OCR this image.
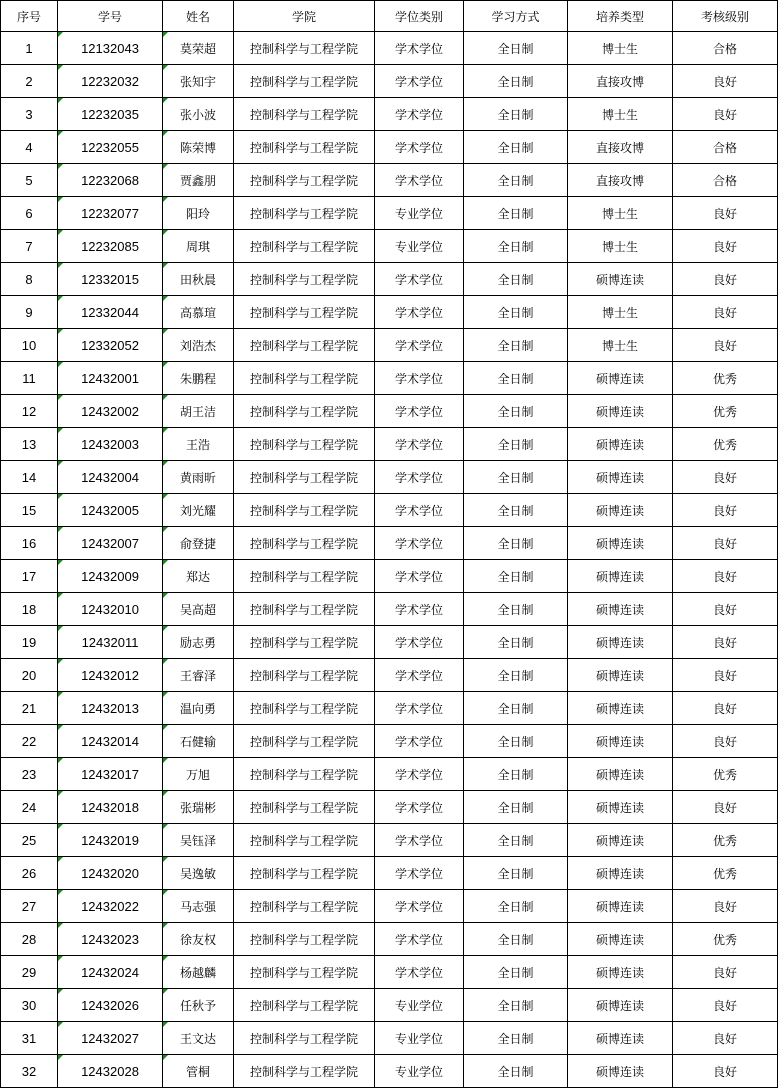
序号	学号	姓名	学院	学位类别	学习方式	培养类型	考核级别
1	12132043	莫荣超	控制科学与工程学院	学术学位	全日制	博士生	合格
2	12232032	张知宇	控制科学与工程学院	学术学位	全日制	直接攻博	良好
3	12232035	张小波	控制科学与工程学院	学术学位	全日制	博士生	良好
4	12232055	陈荣博	控制科学与工程学院	学术学位	全日制	直接攻博	合格
5	12232068	贾鑫朋	控制科学与工程学院	学术学位	全日制	直接攻博	合格
6	12232077	阳玲	控制科学与工程学院	专业学位	全日制	博士生	良好
7	12232085	周琪	控制科学与工程学院	专业学位	全日制	博士生	良好
8	12332015	田秋晨	控制科学与工程学院	学术学位	全日制	硕博连读	良好
9	12332044	高慕瑄	控制科学与工程学院	学术学位	全日制	博士生	良好
10	12332052	刘浩杰	控制科学与工程学院	学术学位	全日制	博士生	良好
11	12432001	朱鹏程	控制科学与工程学院	学术学位	全日制	硕博连读	优秀
12	12432002	胡王洁	控制科学与工程学院	学术学位	全日制	硕博连读	优秀
13	12432003	王浩	控制科学与工程学院	学术学位	全日制	硕博连读	优秀
14	12432004	黄雨昕	控制科学与工程学院	学术学位	全日制	硕博连读	良好
15	12432005	刘光耀	控制科学与工程学院	学术学位	全日制	硕博连读	良好
16	12432007	俞登捷	控制科学与工程学院	学术学位	全日制	硕博连读	良好
17	12432009	郑达	控制科学与工程学院	学术学位	全日制	硕博连读	良好
18	12432010	吴高超	控制科学与工程学院	学术学位	全日制	硕博连读	良好
19	12432011	励志勇	控制科学与工程学院	学术学位	全日制	硕博连读	良好
20	12432012	王睿泽	控制科学与工程学院	学术学位	全日制	硕博连读	良好
21	12432013	温向勇	控制科学与工程学院	学术学位	全日制	硕博连读	良好
22	12432014	石健输	控制科学与工程学院	学术学位	全日制	硕博连读	良好
23	12432017	万旭	控制科学与工程学院	学术学位	全日制	硕博连读	优秀
24	12432018	张瑞彬	控制科学与工程学院	学术学位	全日制	硕博连读	良好
25	12432019	吴钰泽	控制科学与工程学院	学术学位	全日制	硕博连读	优秀
26	12432020	吴逸敏	控制科学与工程学院	学术学位	全日制	硕博连读	优秀
27	12432022	马志强	控制科学与工程学院	学术学位	全日制	硕博连读	良好
28	12432023	徐友权	控制科学与工程学院	学术学位	全日制	硕博连读	优秀
29	12432024	杨越麟	控制科学与工程学院	学术学位	全日制	硕博连读	良好
30	12432026	任秋予	控制科学与工程学院	专业学位	全日制	硕博连读	良好
31	12432027	王文达	控制科学与工程学院	专业学位	全日制	硕博连读	良好
32	12432028	管桐	控制科学与工程学院	专业学位	全日制	硕博连读	良好
